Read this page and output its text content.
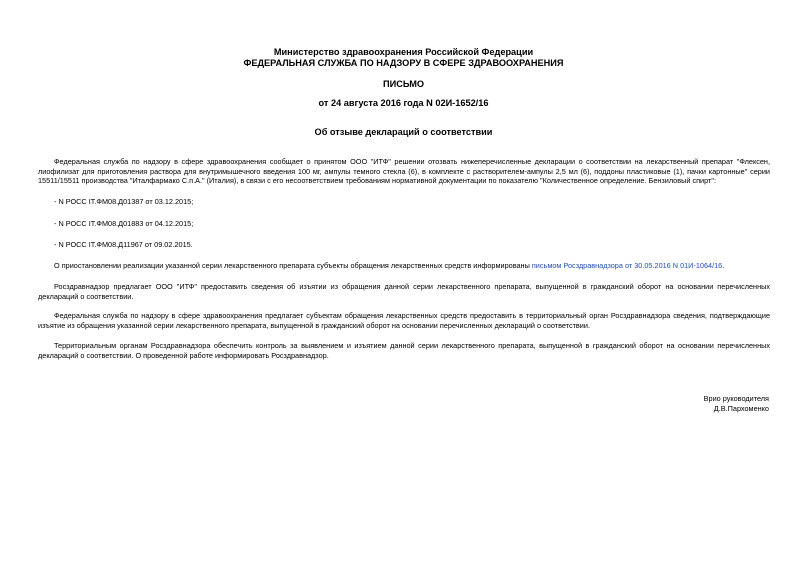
Министерство здравоохранения Российской Федерации
ФЕДЕРАЛЬНАЯ СЛУЖБА ПО НАДЗОРУ В СФЕРЕ ЗДРАВООХРАНЕНИЯ
ПИСЬМО
от 24 августа 2016 года N 02И-1652/16
Об отзыве деклараций о соответствии

Федеральная служба по надзору в сфере здравоохранения сообщает о принятом ООО "ИТФ" решении отозвать нижеперечисленные декларации о соответствии на лекарственный препарат "Флексен, лиофилизат для приготовления раствора для внутримышечного введения 100 мг, ампулы темного стекла (6), в комплекте с растворителем-ампулы 2,5 мл (6), поддоны пластиковые (1), пачки картонные" серии 15511/15511 производства "Италфармако С.п.А." (Италия), в связи с его несоответствием требованиям нормативной документации по показателю "Количественное определение. Бензиловый спирт":

- N РОСС IT.ФМ08.Д01387 от 03.12.2015;

- N РОСС IT.ФМ08.Д01883 от 04.12.2015;

- N РОСС IT.ФМ08.Д11967 от 09.02.2015.

О приостановлении реализации указанной серии лекарственного препарата субъекты обращения лекарственных средств информированы письмом Росздравнадзора от 30.05.2016 N 01И-1064/16.

Росздравнадзор предлагает ООО "ИТФ" предоставить сведения об изъятии из обращения данной серии лекарственного препарата, выпущенной в гражданский оборот на основании перечисленных деклараций о соответствии.

Федеральная служба по надзору в сфере здравоохранения предлагает субъектам обращения лекарственных средств предоставить в территориальный орган Росздравнадзора сведения, подтверждающие изъятие из обращения указанной серии лекарственного препарата, выпущенной в гражданский оборот на основании перечисленных деклараций о соответствии.

Территориальным органам Росздравнадзора обеспечить контроль за выявлением и изъятием данной серии лекарственного препарата, выпущенной в гражданский оборот на основании перечисленных деклараций о соответствии. О проведенной работе информировать Росздравнадзор.

Врио руководителя
Д.В.Пархоменко
